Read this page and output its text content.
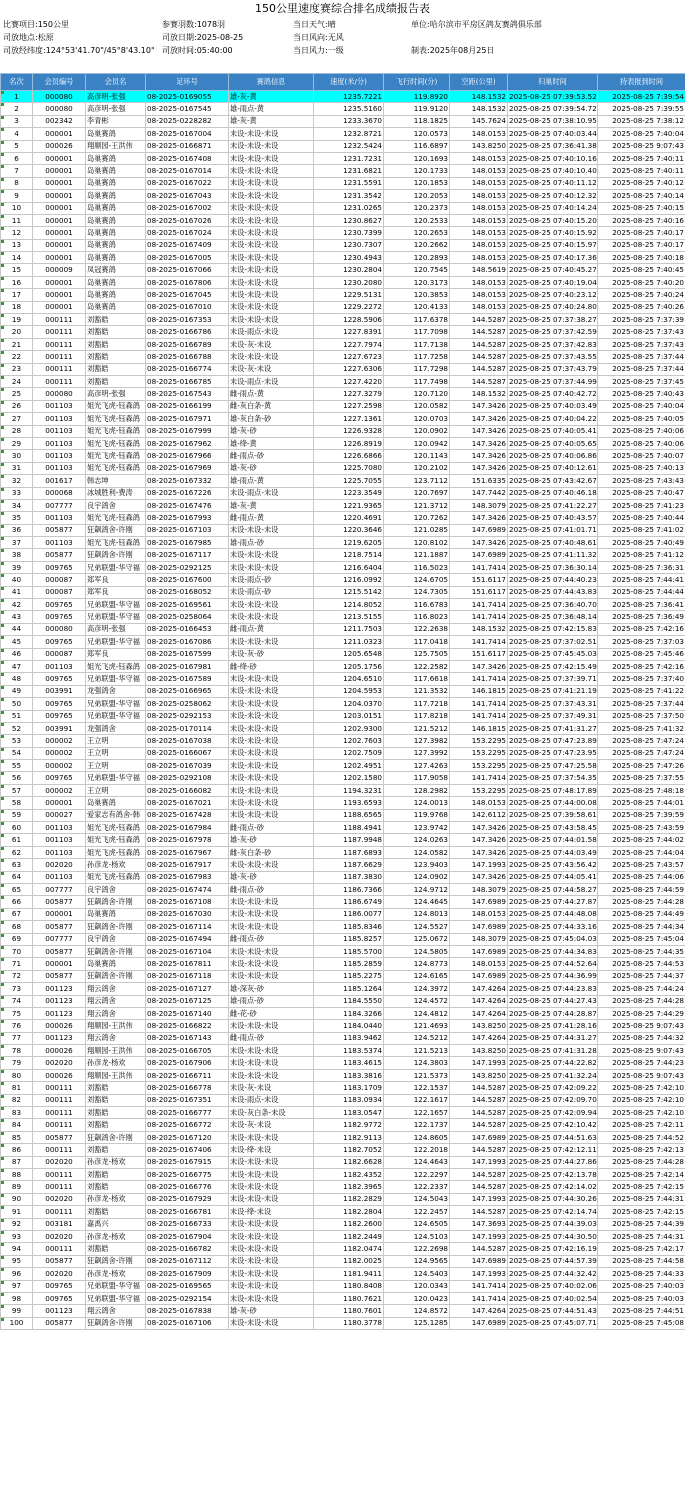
150公里速度赛综合排名成绩报告表
比赛项目:150公里	参赛羽数:1078羽	当日天气:晴	单位:哈尔滨市平房区鸽友赛鸽俱乐部
司放地点:松原	司放日期:2025-08-25	当日风向:无风
司放经纬度:124°53'41.70"/45°8'43.10" 司放时间:05:40:00	当日风力:一级	制表:2025年08月25日
名次	会员编号	会员名	足环号	赛鸽信息	速度(米/分)	飞行时间(分)	空距(公里)	归巢时间	持表报到时间
1	000080	高彦明-张强	08-2025-0169055	雄-灰-黄	1235.7221	119.8920	148.1532	2025-08-25 07:39:53.52	2025-08-25 7:39:54
2	000080	高彦明-张强	08-2025-0167545	雄-雨点-黄	1235.5160	119.9120	148.1532	2025-08-25 07:39:54.72	2025-08-25 7:39:55
3	002342	李青彬	08-2025-0228282	雄-灰-黄	1233.3670	118.1825	145.7624	2025-08-25 07:38:10.95	2025-08-25 7:38:12
4	000001	岛巢赛鸽	08-2025-0167004	未设-未设-未设	1232.8721	120.0573	148.0153	2025-08-25 07:40:03.44	2025-08-25 7:40:04
5	000026	翔顺园-王洪伟	08-2025-0166871	未设-未设-未设	1232.5424	116.6897	143.8250	2025-08-25 07:36:41.38	2025-08-25 9:07:43
6	000001	岛巢赛鸽	08-2025-0167408	未设-未设-未设	1231.7231	120.1693	148.0153	2025-08-25 07:40:10.16	2025-08-25 7:40:11
7	000001	岛巢赛鸽	08-2025-0167014	未设-未设-未设	1231.6821	120.1733	148.0153	2025-08-25 07:40:10.40	2025-08-25 7:40:11
8	000001	岛巢赛鸽	08-2025-0167022	未设-未设-未设	1231.5591	120.1853	148.0153	2025-08-25 07:40:11.12	2025-08-25 7:40:12
9	000001	岛巢赛鸽	08-2025-0167043	未设-未设-未设	1231.3542	120.2053	148.0153	2025-08-25 07:40:12.32	2025-08-25 7:40:14
10	000001	岛巢赛鸽	08-2025-0167002	未设-未设-未设	1231.0265	120.2373	148.0153	2025-08-25 07:40:14.24	2025-08-25 7:40:15
11	000001	岛巢赛鸽	08-2025-0167026	未设-未设-未设	1230.8627	120.2533	148.0153	2025-08-25 07:40:15.20	2025-08-25 7:40:16
12	000001	岛巢赛鸽	08-2025-0167024	未设-未设-未设	1230.7399	120.2653	148.0153	2025-08-25 07:40:15.92	2025-08-25 7:40:17
13	000001	岛巢赛鸽	08-2025-0167409	未设-未设-未设	1230.7307	120.2662	148.0153	2025-08-25 07:40:15.97	2025-08-25 7:40:17
14	000001	岛巢赛鸽	08-2025-0167005	未设-未设-未设	1230.4943	120.2893	148.0153	2025-08-25 07:40:17.36	2025-08-25 7:40:18
15	000009	凤冠赛鸽	08-2025-0167066	未设-未设-未设	1230.2804	120.7545	148.5619	2025-08-25 07:40:45.27	2025-08-25 7:40:45
16	000001	岛巢赛鸽	08-2025-0167806	未设-未设-未设	1230.2080	120.3173	148.0153	2025-08-25 07:40:19.04	2025-08-25 7:40:20
17	000001	岛巢赛鸽	08-2025-0167045	未设-未设-未设	1229.5131	120.3853	148.0153	2025-08-25 07:40:23.12	2025-08-25 7:40:24
18	000001	岛巢赛鸽	08-2025-0167010	未设-未设-未设	1229.2272	120.4133	148.0153	2025-08-25 07:40:24.80	2025-08-25 7:40:26
19	000111	刘豁皓	08-2025-0167353	未设-未设-未设	1228.5906	117.6378	144.5287	2025-08-25 07:37:38.27	2025-08-25 7:37:39
20	000111	刘豁皓	08-2025-0166786	未设-雨点-未设	1227.8391	117.7098	144.5287	2025-08-25 07:37:42.59	2025-08-25 7:37:43
21	000111	刘豁皓	08-2025-0166789	未设-灰-未设	1227.7974	117.7138	144.5287	2025-08-25 07:37:42.83	2025-08-25 7:37:43
22	000111	刘豁皓	08-2025-0166788	未设-未设-未设	1227.6723	117.7258	144.5287	2025-08-25 07:37:43.55	2025-08-25 7:37:44
23	000111	刘豁皓	08-2025-0166774	未设-灰-未设	1227.6306	117.7298	144.5287	2025-08-25 07:37:43.79	2025-08-25 7:37:44
24	000111	刘豁皓	08-2025-0166785	未设-雨点-未设	1227.4220	117.7498	144.5287	2025-08-25 07:37:44.99	2025-08-25 7:37:45
25	000080	高彦明-张强	08-2025-0167543	雌-雨点-黄	1227.3279	120.7120	148.1532	2025-08-25 07:40:42.72	2025-08-25 7:40:43
26	001103	姐光飞虎-钰森鸽	08-2025-0166199	雌-灰白条-黄	1227.2598	120.0582	147.3426	2025-08-25 07:40:03.49	2025-08-25 7:40:04
27	001103	姐光飞虎-钰森鸽	08-2025-0167971	雄-灰白条-砂	1227.1361	120.0703	147.3426	2025-08-25 07:40:04.22	2025-08-25 7:40:05
28	001103	姐光飞虎-钰森鸽	08-2025-0167999	雄-灰-砂	1226.9328	120.0902	147.3426	2025-08-25 07:40:05.41	2025-08-25 7:40:06
29	001103	姐光飞虎-钰森鸽	08-2025-0167962	雄-绛-黄	1226.8919	120.0942	147.3426	2025-08-25 07:40:05.65	2025-08-25 7:40:06
30	001103	姐光飞虎-钰森鸽	08-2025-0167966	雌-雨点-砂	1226.6866	120.1143	147.3426	2025-08-25 07:40:06.86	2025-08-25 7:40:07
31	001103	姐光飞虎-钰森鸽	08-2025-0167969	雄-灰-砂	1225.7080	120.2102	147.3426	2025-08-25 07:40:12.61	2025-08-25 7:40:13
32	001617	韩志坤	08-2025-0167332	雄-雨点-黄	1225.7055	123.7112	151.6335	2025-08-25 07:43:42.67	2025-08-25 7:43:43
33	000068	冰城胜利-费涛	08-2025-0167226	未设-雨点-未设	1223.3549	120.7697	147.7442	2025-08-25 07:40:46.18	2025-08-25 7:40:47
34	007777	良宇鸽舍	08-2025-0167476	雄-灰-黄	1221.9365	121.3712	148.3079	2025-08-25 07:41:22.27	2025-08-25 7:41:23
35	001103	姐光飞虎-钰森鸽	08-2025-0167993	雌-雨点-黄	1220.4691	120.7262	147.3426	2025-08-25 07:40:43.57	2025-08-25 7:40:44
36	005877	狂飙鸽舍-许刚	08-2025-0167103	未设-未设-未设	1220.3646	121.0285	147.6989	2025-08-25 07:41:01.71	2025-08-25 7:41:02
37	001103	姐光飞虎-钰森鸽	08-2025-0167985	雄-雨点-砂	1219.6205	120.8102	147.3426	2025-08-25 07:40:48.61	2025-08-25 7:40:49
38	005877	狂飙鸽舍-许刚	08-2025-0167117	未设-未设-未设	1218.7514	121.1887	147.6989	2025-08-25 07:41:11.32	2025-08-25 7:41:12
39	009765	兄弟联盟-华守福	08-2025-0292125	未设-未设-未设	1216.6404	116.5023	141.7414	2025-08-25 07:36:30.14	2025-08-25 7:36:31
40	000087	郑军良	08-2025-0167600	未设-雨点-砂	1216.0992	124.6705	151.6117	2025-08-25 07:44:40.23	2025-08-25 7:44:41
41	000087	郑军良	08-2025-0168052	未设-雨点-砂	1215.5142	124.7305	151.6117	2025-08-25 07:44:43.83	2025-08-25 7:44:44
42	009765	兄弟联盟-华守福	08-2025-0169561	未设-未设-未设	1214.8052	116.6783	141.7414	2025-08-25 07:36:40.70	2025-08-25 7:36:41
43	009765	兄弟联盟-华守福	08-2025-0258064	未设-未设-未设	1213.5155	116.8023	141.7414	2025-08-25 07:36:48.14	2025-08-25 7:36:49
44	000080	高彦明-张强	08-2025-0166453	雌-雨点-黄	1211.7503	122.2638	148.1532	2025-08-25 07:42:15.83	2025-08-25 7:42:16
45	009765	兄弟联盟-华守福	08-2025-0167086	未设-未设-未设	1211.0323	117.0418	141.7414	2025-08-25 07:37:02.51	2025-08-25 7:37:03
46	000087	郑军良	08-2025-0167599	未设-灰-砂	1205.6548	125.7505	151.6117	2025-08-25 07:45:45.03	2025-08-25 7:45:46
47	001103	姐光飞虎-钰森鸽	08-2025-0167981	雌-绛-砂	1205.1756	122.2582	147.3426	2025-08-25 07:42:15.49	2025-08-25 7:42:16
48	009765	兄弟联盟-华守福	08-2025-0167589	未设-未设-未设	1204.6510	117.6618	141.7414	2025-08-25 07:37:39.71	2025-08-25 7:37:40
49	003991	龙强鸽舍	08-2025-0166965	未设-未设-未设	1204.5953	121.3532	146.1815	2025-08-25 07:41:21.19	2025-08-25 7:41:22
50	009765	兄弟联盟-华守福	08-2025-0258062	未设-未设-未设	1204.0370	117.7218	141.7414	2025-08-25 07:37:43.31	2025-08-25 7:37:44
51	009765	兄弟联盟-华守福	08-2025-0292153	未设-未设-未设	1203.0151	117.8218	141.7414	2025-08-25 07:37:49.31	2025-08-25 7:37:50
52	003991	龙强鸽舍	08-2025-0170114	未设-未设-未设	1202.9300	121.5212	146.1815	2025-08-25 07:41:31.27	2025-08-25 7:41:32
53	000002	王立明	08-2025-0167038	未设-未设-未设	1202.7603	127.3982	153.2295	2025-08-25 07:47:23.89	2025-08-25 7:47:24
54	000002	王立明	08-2025-0166067	未设-未设-未设	1202.7509	127.3992	153.2295	2025-08-25 07:47:23.95	2025-08-25 7:47:24
55	000002	王立明	08-2025-0167039	未设-未设-未设	1202.4951	127.4263	153.2295	2025-08-25 07:47:25.58	2025-08-25 7:47:26
56	009765	兄弟联盟-华守福	08-2025-0292108	未设-未设-未设	1202.1580	117.9058	141.7414	2025-08-25 07:37:54.35	2025-08-25 7:37:55
57	000002	王立明	08-2025-0166082	未设-未设-未设	1194.3231	128.2982	153.2295	2025-08-25 07:48:17.89	2025-08-25 7:48:18
58	000001	岛巢赛鸽	08-2025-0167021	未设-未设-未设	1193.6593	124.0013	148.0153	2025-08-25 07:44:00.08	2025-08-25 7:44:01
59	000027	爱家志有鸽舍-韩	08-2025-0167428	未设-未设-未设	1188.6565	119.9768	142.6112	2025-08-25 07:39:58.61	2025-08-25 7:39:59
60	001103	姐光飞虎-钰森鸽	08-2025-0167984	雌-雨点-砂	1188.4941	123.9742	147.3426	2025-08-25 07:43:58.45	2025-08-25 7:43:59
61	001103	姐光飞虎-钰森鸽	08-2025-0167978	雄-灰-砂	1187.9948	124.0263	147.3426	2025-08-25 07:44:01.58	2025-08-25 7:44:02
62	001103	姐光飞虎-钰森鸽	08-2025-0167967	雌-灰白条-砂	1187.6893	124.0582	147.3426	2025-08-25 07:44:03.49	2025-08-25 7:44:04
63	002020	孙彦龙-杨欢	08-2025-0167917	未设-未设-未设	1187.6629	123.9403	147.1993	2025-08-25 07:43:56.42	2025-08-25 7:43:57
64	001103	姐光飞虎-钰森鸽	08-2025-0167983	雄-灰-砂	1187.3830	124.0902	147.3426	2025-08-25 07:44:05.41	2025-08-25 7:44:06
65	007777	良宇鸽舍	08-2025-0167474	雌-雨点-砂	1186.7366	124.9712	148.3079	2025-08-25 07:44:58.27	2025-08-25 7:44:59
66	005877	狂飙鸽舍-许刚	08-2025-0167108	未设-未设-未设	1186.6749	124.4645	147.6989	2025-08-25 07:44:27.87	2025-08-25 7:44:28
67	000001	岛巢赛鸽	08-2025-0167030	未设-未设-未设	1186.0077	124.8013	148.0153	2025-08-25 07:44:48.08	2025-08-25 7:44:49
68	005877	狂飙鸽舍-许刚	08-2025-0167114	未设-未设-未设	1185.8346	124.5527	147.6989	2025-08-25 07:44:33.16	2025-08-25 7:44:34
69	007777	良宇鸽舍	08-2025-0167494	雌-雨点-砂	1185.8257	125.0672	148.3079	2025-08-25 07:45:04.03	2025-08-25 7:45:04
70	005877	狂飙鸽舍-许刚	08-2025-0167104	未设-未设-未设	1185.5700	124.5805	147.6989	2025-08-25 07:44:34.83	2025-08-25 7:44:35
71	000001	岛巢赛鸽	08-2025-0167811	未设-未设-未设	1185.2859	124.8773	148.0153	2025-08-25 07:44:52.64	2025-08-25 7:44:53
72	005877	狂飙鸽舍-许刚	08-2025-0167118	未设-未设-未设	1185.2275	124.6165	147.6989	2025-08-25 07:44:36.99	2025-08-25 7:44:37
73	001123	翔云鸽舍	08-2025-0167127	雄-深灰-砂	1185.1264	124.3972	147.4264	2025-08-25 07:44:23.83	2025-08-25 7:44:24
74	001123	翔云鸽舍	08-2025-0167125	雄-雨点-砂	1184.5550	124.4572	147.4264	2025-08-25 07:44:27.43	2025-08-25 7:44:28
75	001123	翔云鸽舍	08-2025-0167140	雌-花-砂	1184.3266	124.4812	147.4264	2025-08-25 07:44:28.87	2025-08-25 7:44:29
76	000026	翔顺园-王洪伟	08-2025-0166822	未设-未设-未设	1184.0440	121.4693	143.8250	2025-08-25 07:41:28.16	2025-08-25 9:07:43
77	001123	翔云鸽舍	08-2025-0167143	雌-雨点-砂	1183.9462	124.5212	147.4264	2025-08-25 07:44:31.27	2025-08-25 7:44:32
78	000026	翔顺园-王洪伟	08-2025-0166705	未设-未设-未设	1183.5374	121.5213	143.8250	2025-08-25 07:41:31.28	2025-08-25 9:07:43
79	002020	孙彦龙-杨欢	08-2025-0167906	未设-未设-未设	1183.4615	124.3803	147.1993	2025-08-25 07:44:22.82	2025-08-25 7:44:23
80	000026	翔顺园-王洪伟	08-2025-0166711	未设-未设-未设	1183.3816	121.5373	143.8250	2025-08-25 07:41:32.24	2025-08-25 9:07:43
81	000111	刘豁皓	08-2025-0166778	未设-灰-未设	1183.1709	122.1537	144.5287	2025-08-25 07:42:09.22	2025-08-25 7:42:10
82	000111	刘豁皓	08-2025-0167351	未设-雨点-未设	1183.0934	122.1617	144.5287	2025-08-25 07:42:09.70	2025-08-25 7:42:10
83	000111	刘豁皓	08-2025-0166777	未设-灰白条-未设	1183.0547	122.1657	144.5287	2025-08-25 07:42:09.94	2025-08-25 7:42:10
84	000111	刘豁皓	08-2025-0166772	未设-灰-未设	1182.9772	122.1737	144.5287	2025-08-25 07:42:10.42	2025-08-25 7:42:11
85	005877	狂飙鸽舍-许刚	08-2025-0167120	未设-未设-未设	1182.9113	124.8605	147.6989	2025-08-25 07:44:51.63	2025-08-25 7:44:52
86	000111	刘豁皓	08-2025-0167406	未设-绛-未设	1182.7052	122.2018	144.5287	2025-08-25 07:42:12.11	2025-08-25 7:42:13
87	002020	孙彦龙-杨欢	08-2025-0167915	未设-未设-未设	1182.6628	124.4643	147.1993	2025-08-25 07:44:27.86	2025-08-25 7:44:28
88	000111	刘豁皓	08-2025-0166775	未设-未设-未设	1182.4352	122.2297	144.5287	2025-08-25 07:42:13.78	2025-08-25 7:42:14
89	000111	刘豁皓	08-2025-0166776	未设-未设-未设	1182.3965	122.2337	144.5287	2025-08-25 07:42:14.02	2025-08-25 7:42:15
90	002020	孙彦龙-杨欢	08-2025-0167929	未设-未设-未设	1182.2829	124.5043	147.1993	2025-08-25 07:44:30.26	2025-08-25 7:44:31
91	000111	刘豁皓	08-2025-0166781	未设-绛-未设	1182.2804	122.2457	144.5287	2025-08-25 07:42:14.74	2025-08-25 7:42:15
92	003181	嘉禹兴	08-2025-0166733	未设-未设-未设	1182.2600	124.6505	147.3693	2025-08-25 07:44:39.03	2025-08-25 7:44:39
93	002020	孙彦龙-杨欢	08-2025-0167904	未设-未设-未设	1182.2449	124.5103	147.1993	2025-08-25 07:44:30.50	2025-08-25 7:44:31
94	000111	刘豁皓	08-2025-0166782	未设-未设-未设	1182.0474	122.2698	144.5287	2025-08-25 07:42:16.19	2025-08-25 7:42:17
95	005877	狂飙鸽舍-许刚	08-2025-0167112	未设-未设-未设	1182.0025	124.9565	147.6989	2025-08-25 07:44:57.39	2025-08-25 7:44:58
96	002020	孙彦龙-杨欢	08-2025-0167909	未设-未设-未设	1181.9411	124.5403	147.1993	2025-08-25 07:44:32.42	2025-08-25 7:44:33
97	009765	兄弟联盟-华守福	08-2025-0169565	未设-未设-未设	1180.8408	120.0343	141.7414	2025-08-25 07:40:02.06	2025-08-25 7:40:03
98	009765	兄弟联盟-华守福	08-2025-0292154	未设-未设-未设	1180.7621	120.0423	141.7414	2025-08-25 07:40:02.54	2025-08-25 7:40:03
99	001123	翔云鸽舍	08-2025-0167838	雄-灰-砂	1180.7601	124.8572	147.4264	2025-08-25 07:44:51.43	2025-08-25 7:44:51
100	005877	狂飙鸽舍-许刚	08-2025-0167106	未设-未设-未设	1180.3778	125.1285	147.6989	2025-08-25 07:45:07.71	2025-08-25 7:45:08
